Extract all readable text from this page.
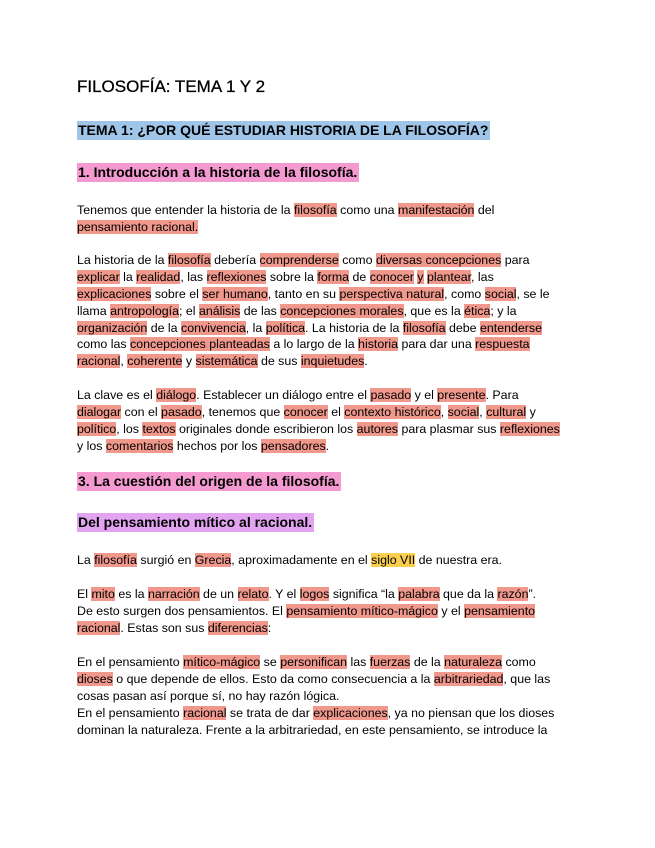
FILOSOFÍA: TEMA 1 Y 2
TEMA 1: ¿POR QUÉ ESTUDIAR HISTORIA DE LA FILOSOFÍA?
1. Introducción a la historia de la filosofía.
Tenemos que entender la historia de la filosofía como una manifestación del
pensamiento racional.
La historia de la filosofía debería comprenderse como diversas concepciones para
explicar la realidad, las reflexiones sobre la forma de conocer y plantear, las
explicaciones sobre el ser humano, tanto en su perspectiva natural, como social, se le
llama antropología; el análisis de las concepciones morales, que es la ética; y la
organización de la convivencia, la política. La historia de la filosofía debe entenderse
como las concepciones planteadas a lo largo de la historia para dar una respuesta
racional, coherente y sistemática de sus inquietudes.
La clave es el diálogo. Establecer un diálogo entre el pasado y el presente. Para
dialogar con el pasado, tenemos que conocer el contexto histórico, social, cultural y
político, los textos originales donde escribieron los autores para plasmar sus reflexiones
y los comentarios hechos por los pensadores.
3. La cuestión del origen de la filosofía.
Del pensamiento mítico al racional.
La filosofía surgió en Grecia, aproximadamente en el siglo VII de nuestra era.
El mito es la narración de un relato. Y el logos significa “la palabra que da la razón”.
De esto surgen dos pensamientos. El pensamiento mítico-mágico y el pensamiento
racional. Estas son sus diferencias:
En el pensamiento mítico-mágico se personifican las fuerzas de la naturaleza como
dioses o que depende de ellos. Esto da como consecuencia a la arbitrariedad, que las
cosas pasan así porque sí, no hay razón lógica.
En el pensamiento racional se trata de dar explicaciones, ya no piensan que los dioses
dominan la naturaleza. Frente a la arbitrariedad, en este pensamiento, se introduce la
